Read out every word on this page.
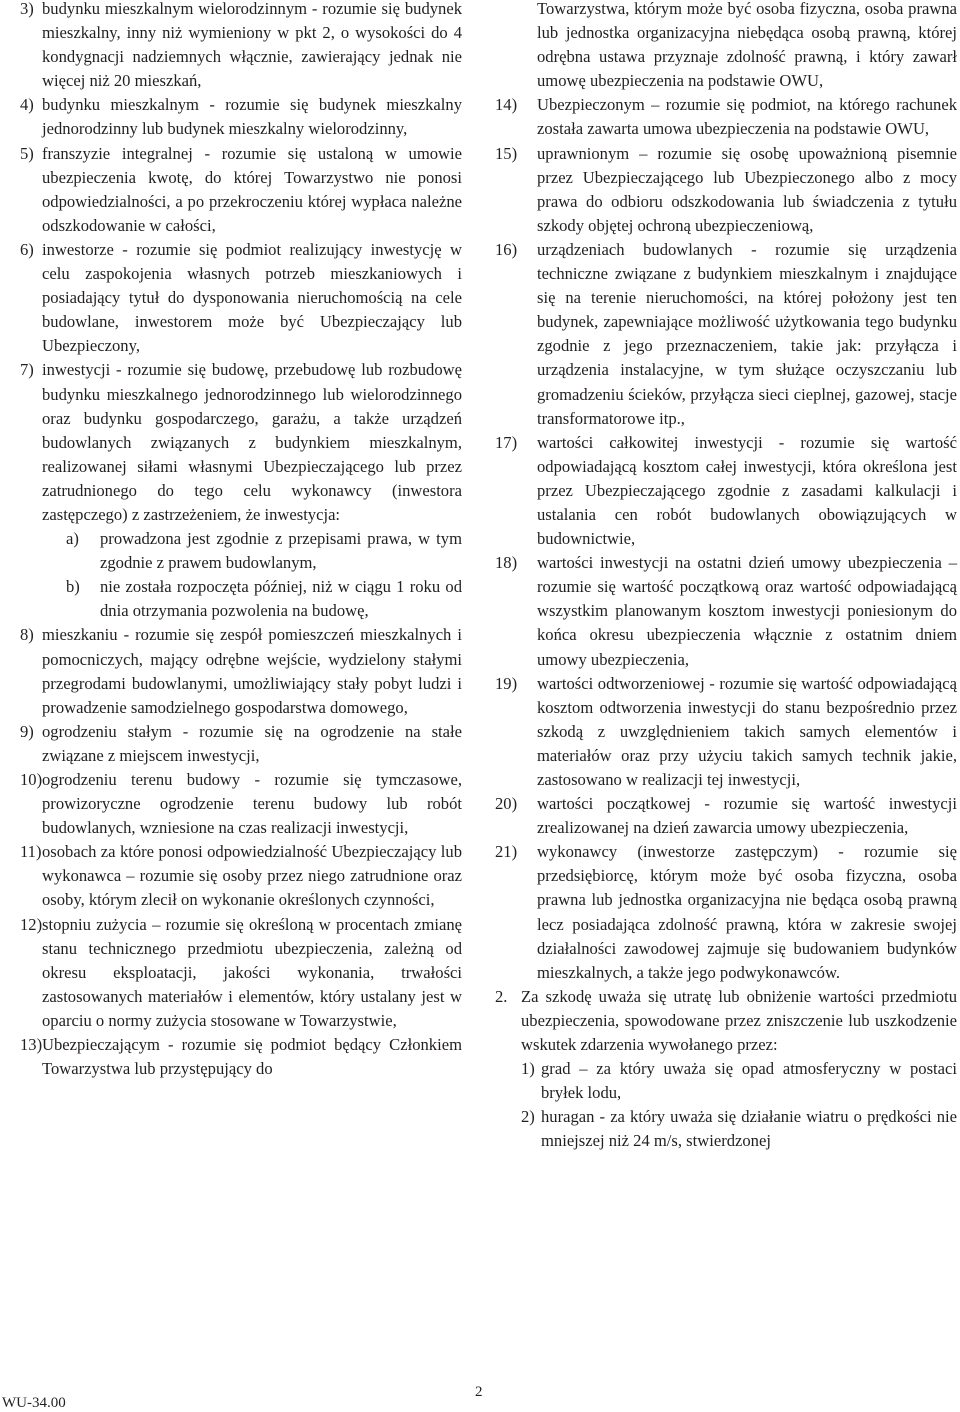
3) budynku mieszkalnym wielorodzinnym - rozumie się budynek mieszkalny, inny niż wymieniony w pkt 2, o wysokości do 4 kondygnacji nadziemnych włącznie, zawierający jednak nie więcej niż 20 mieszkań,
4) budynku mieszkalnym - rozumie się budynek mieszkalny jednorodzinny lub budynek mieszkalny wielorodzinny,
5) franszyzie integralnej - rozumie się ustaloną w umowie ubezpieczenia kwotę, do której Towarzystwo nie ponosi odpowiedzialności, a po przekroczeniu której wypłaca należne odszkodowanie w całości,
6) inwestorze - rozumie się podmiot realizujący inwestycję w celu zaspokojenia własnych potrzeb mieszkaniowych i posiadający tytuł do dysponowania nieruchomością na cele budowlane, inwestorem może być Ubezpieczający lub Ubezpieczony,
7) inwestycji - rozumie się budowę, przebudowę lub rozbudowę budynku mieszkalnego jednorodzinnego lub wielorodzinnego oraz budynku gospodarczego, garażu, a także urządzeń budowlanych związanych z budynkiem mieszkalnym, realizowanej siłami własnymi Ubezpieczającego lub przez zatrudnionego do tego celu wykonawcy (inwestora zastępczego) z zastrzeżeniem, że inwestycja:
a) prowadzona jest zgodnie z przepisami prawa, w tym zgodnie z prawem budowlanym,
b) nie została rozpoczęta później, niż w ciągu 1 roku od dnia otrzymania pozwolenia na budowę,
8) mieszkaniu - rozumie się zespół pomieszczeń mieszkalnych i pomocniczych, mający odrębne wejście, wydzielony stałymi przegrodami budowlanymi, umożliwiający stały pobyt ludzi i prowadzenie samodzielnego gospodarstwa domowego,
9) ogrodzeniu stałym - rozumie się na ogrodzenie na stałe związane z miejscem inwestycji,
10) ogrodzeniu terenu budowy - rozumie się tymczasowe, prowizoryczne ogrodzenie terenu budowy lub robót budowlanych, wzniesione na czas realizacji inwestycji,
11) osobach za które ponosi odpowiedzialność Ubezpieczający lub wykonawca – rozumie się osoby przez niego zatrudnione oraz osoby, którym zlecił on wykonanie określonych czynności,
12) stopniu zużycia – rozumie się określoną w procentach zmianę stanu technicznego przedmiotu ubezpieczenia, zależną od okresu eksploatacji, jakości wykonania, trwałości zastosowanych materiałów i elementów, który ustalany jest w oparciu o normy zużycia stosowane w Towarzystwie,
13) Ubezpieczającym - rozumie się podmiot będący Członkiem Towarzystwa lub przystępujący do
Towarzystwa, którym może być osoba fizyczna, osoba prawna lub jednostka organizacyjna niebędąca osobą prawną, której odrębna ustawa przyznaje zdolność prawną, i który zawarł umowę ubezpieczenia na podstawie OWU,
14) Ubezpieczonym – rozumie się podmiot, na którego rachunek została zawarta umowa ubezpieczenia na podstawie OWU,
15) uprawnionym – rozumie się osobę upoważnioną pisemnie przez Ubezpieczającego lub Ubezpieczonego albo z mocy prawa do odbioru odszkodowania lub świadczenia z tytułu szkody objętej ochroną ubezpieczeniową,
16) urządzeniach budowlanych - rozumie się urządzenia techniczne związane z budynkiem mieszkalnym i znajdujące się na terenie nieruchomości, na której położony jest ten budynek, zapewniające możliwość użytkowania tego budynku zgodnie z jego przeznaczeniem, takie jak: przyłącza i urządzenia instalacyjne, w tym służące oczyszczaniu lub gromadzeniu ścieków, przyłącza sieci cieplnej, gazowej, stacje transformatorowe itp.,
17) wartości całkowitej inwestycji - rozumie się wartość odpowiadającą kosztom całej inwestycji, która określona jest przez Ubezpieczającego zgodnie z zasadami kalkulacji i ustalania cen robót budowlanych obowiązujących w budownictwie,
18) wartości inwestycji na ostatni dzień umowy ubezpieczenia – rozumie się wartość początkową oraz wartość odpowiadającą wszystkim planowanym kosztom inwestycji poniesionym do końca okresu ubezpieczenia włącznie z ostatnim dniem umowy ubezpieczenia,
19) wartości odtworzeniowej - rozumie się wartość odpowiadającą kosztom odtworzenia inwestycji do stanu bezpośrednio przez szkodą z uwzględnieniem takich samych elementów i materiałów oraz przy użyciu takich samych technik jakie, zastosowano w realizacji tej inwestycji,
20) wartości początkowej - rozumie się wartość inwestycji zrealizowanej na dzień zawarcia umowy ubezpieczenia,
21) wykonawcy (inwestorze zastępczym) - rozumie się przedsiębiorcę, którym może być osoba fizyczna, osoba prawna lub jednostka organizacyjna nie będąca osobą prawną lecz posiadająca zdolność prawną, która w zakresie swojej działalności zawodowej zajmuje się budowaniem budynków mieszkalnych, a także jego podwykonawców.
2. Za szkodę uważa się utratę lub obniżenie wartości przedmiotu ubezpieczenia, spowodowane przez zniszczenie lub uszkodzenie wskutek zdarzenia wywołanego przez:
1) grad – za który uważa się opad atmosferyczny w postaci bryłek lodu,
2) huragan - za który uważa się działanie wiatru o prędkości nie mniejszej niż 24 m/s, stwierdzonej
WU-34.00
2
